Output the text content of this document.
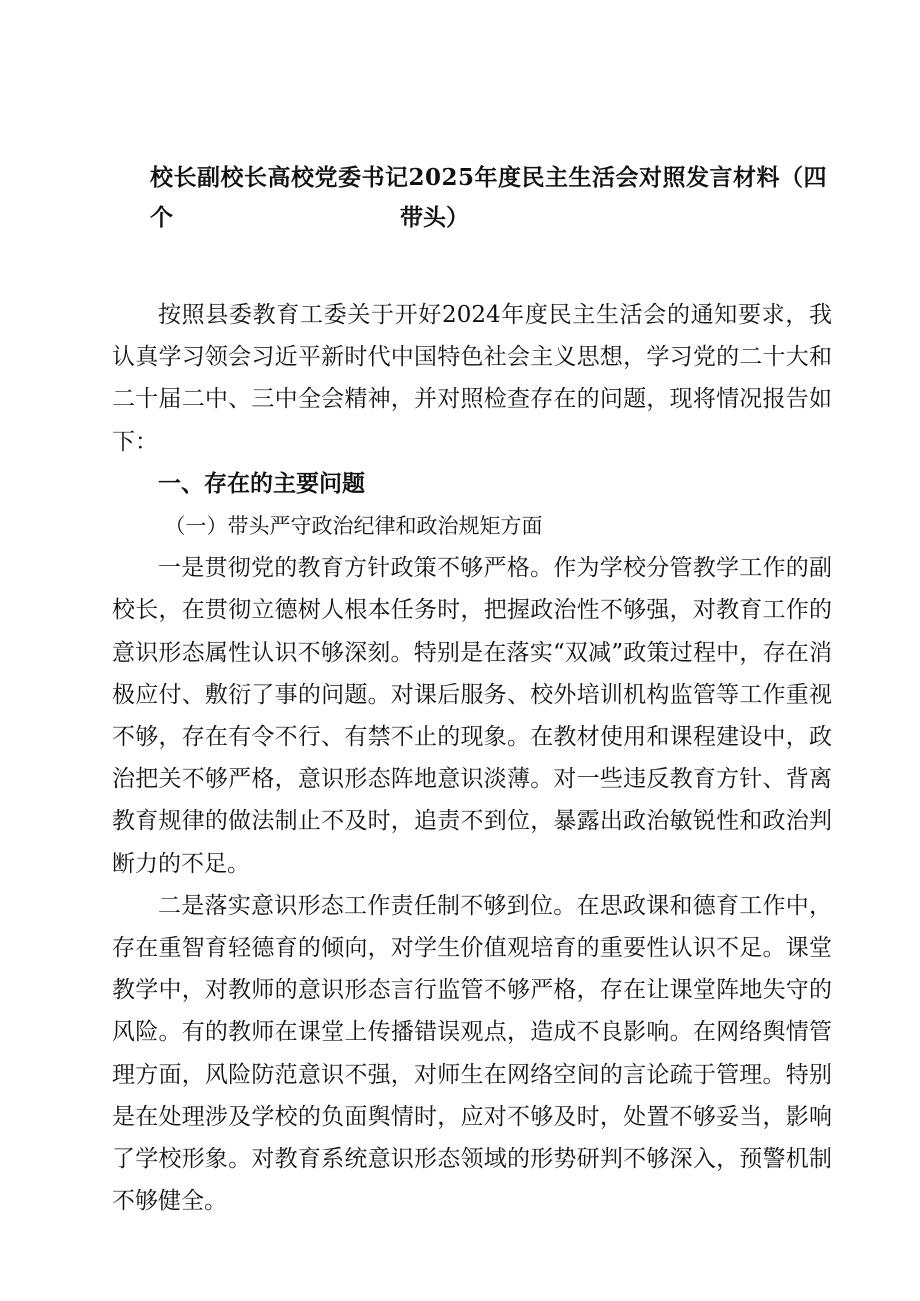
校长副校长高校党委书记2025年度民主生活会对照发言材料（四个	带头）

按照县委教育工委关于开好2024年度民主生活会的通知要求，我认真学习领会习近平新时代中国特色社会主义思想，学习党的二十大和二十届二中、三中全会精神，并对照检查存在的问题，现将情况报告如下：

一、存在的主要问题

（一）带头严守政治纪律和政治规矩方面

一是贯彻党的教育方针政策不够严格。作为学校分管教学工作的副校长，在贯彻立德树人根本任务时，把握政治性不够强，对教育工作的意识形态属性认识不够深刻。特别是在落实“双减”政策过程中，存在消极应付、敷衍了事的问题。对课后服务、校外培训机构监管等工作重视不够，存在有令不行、有禁不止的现象。在教材使用和课程建设中，政治把关不够严格，意识形态阵地意识淡薄。对一些违反教育方针、背离教育规律的做法制止不及时，追责不到位，暴露出政治敏锐性和政治判断力的不足。

二是落实意识形态工作责任制不够到位。在思政课和德育工作中，存在重智育轻德育的倾向，对学生价值观培育的重要性认识不足。课堂教学中，对教师的意识形态言行监管不够严格，存在让课堂阵地失守的风险。有的教师在课堂上传播错误观点，造成不良影响。在网络舆情管理方面，风险防范意识不强，对师生在网络空间的言论疏于管理。特别是在处理涉及学校的负面舆情时，应对不够及时，处置不够妥当，影响了学校形象。对教育系统意识形态领域的形势研判不够深入，预警机制不够健全。
